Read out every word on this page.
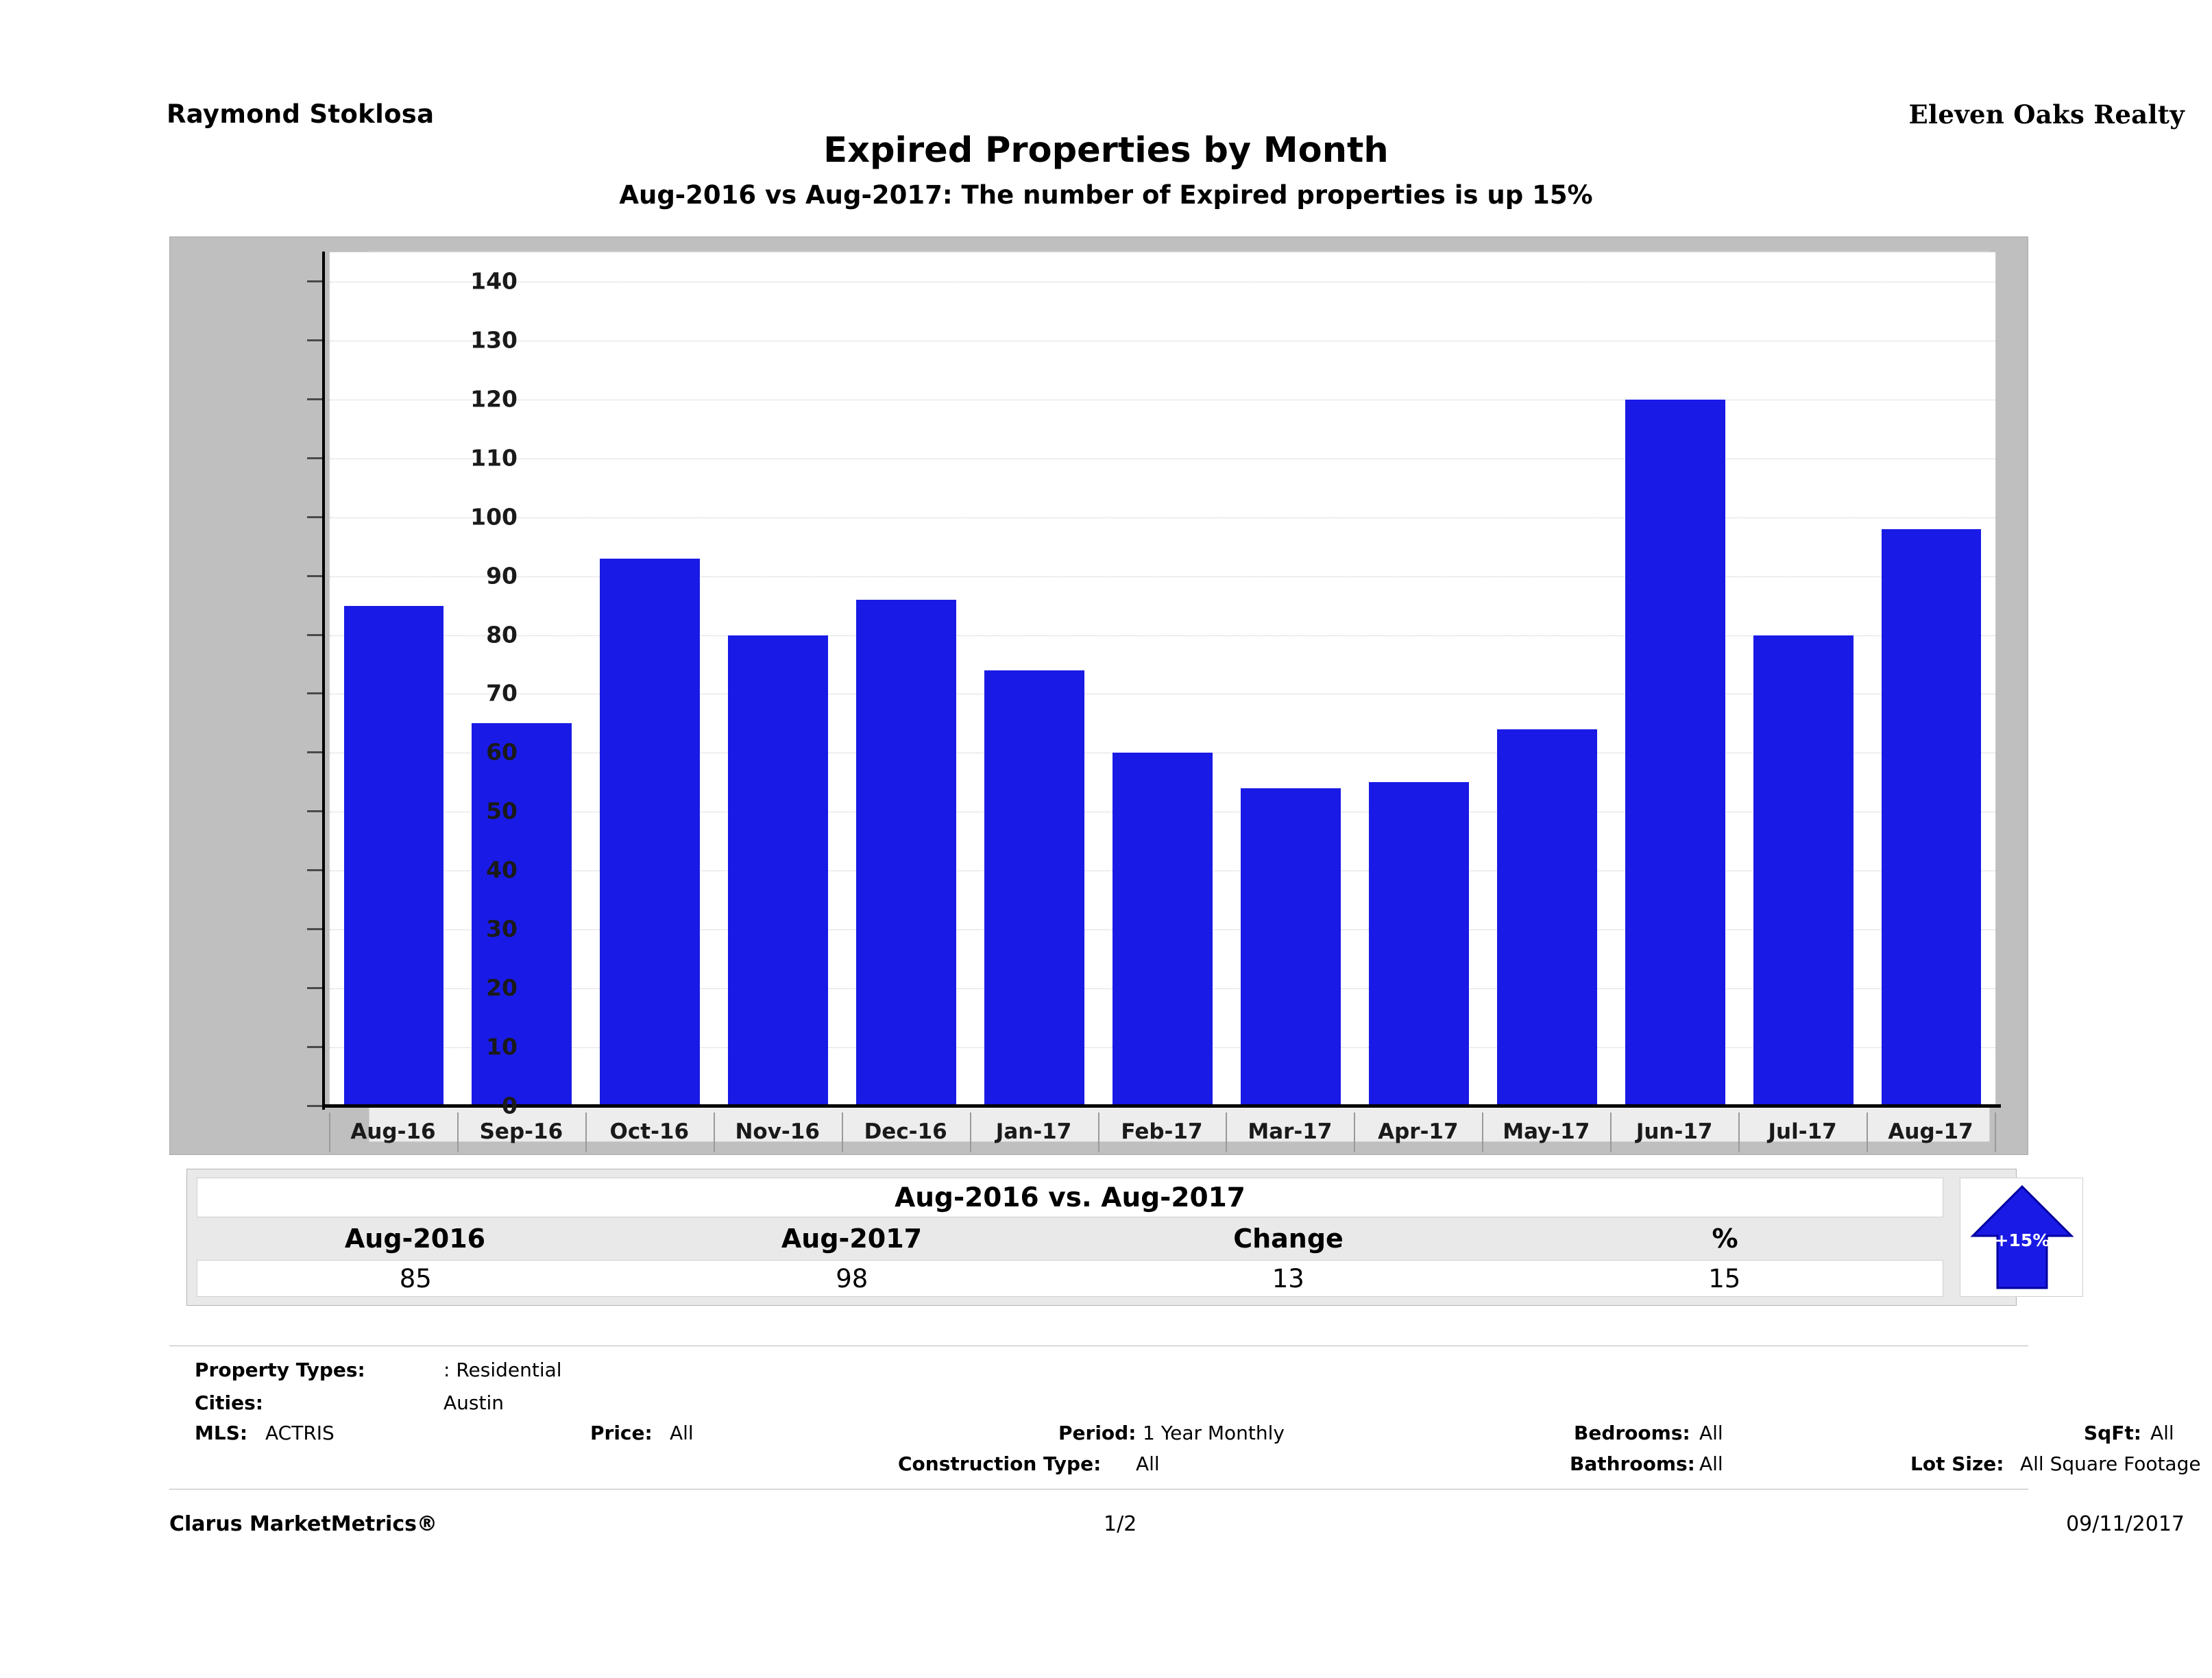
Raymond Stoklosa	Eleven Oaks Realty
Expired Properties by Month
Aug-2016 vs Aug-2017: The number of Expired properties is up 15%
0
10
20
30
40
50
60
70
80
90
100
110
120
130
140
Aug-16	Sep-16	Oct-16	Nov-16	Dec-16	Jan-17	Feb-17	Mar-17	Apr-17	May-17	Jun-17	Jul-17	Aug-17
Aug-2016 vs. Aug-2017
Aug-2016	Aug-2017	Change	%
85	98	13	15
+15%
Property Types:	: Residential
Cities:	Austin
MLS: ACTRIS	Price: All
Construction Type: All
Period: 1 Year Monthly	Bedrooms: All
Bathrooms: All
SqFt: All
Lot Size: All Square Footage
Clarus MarketMetrics®	1/2	09/11/2017
